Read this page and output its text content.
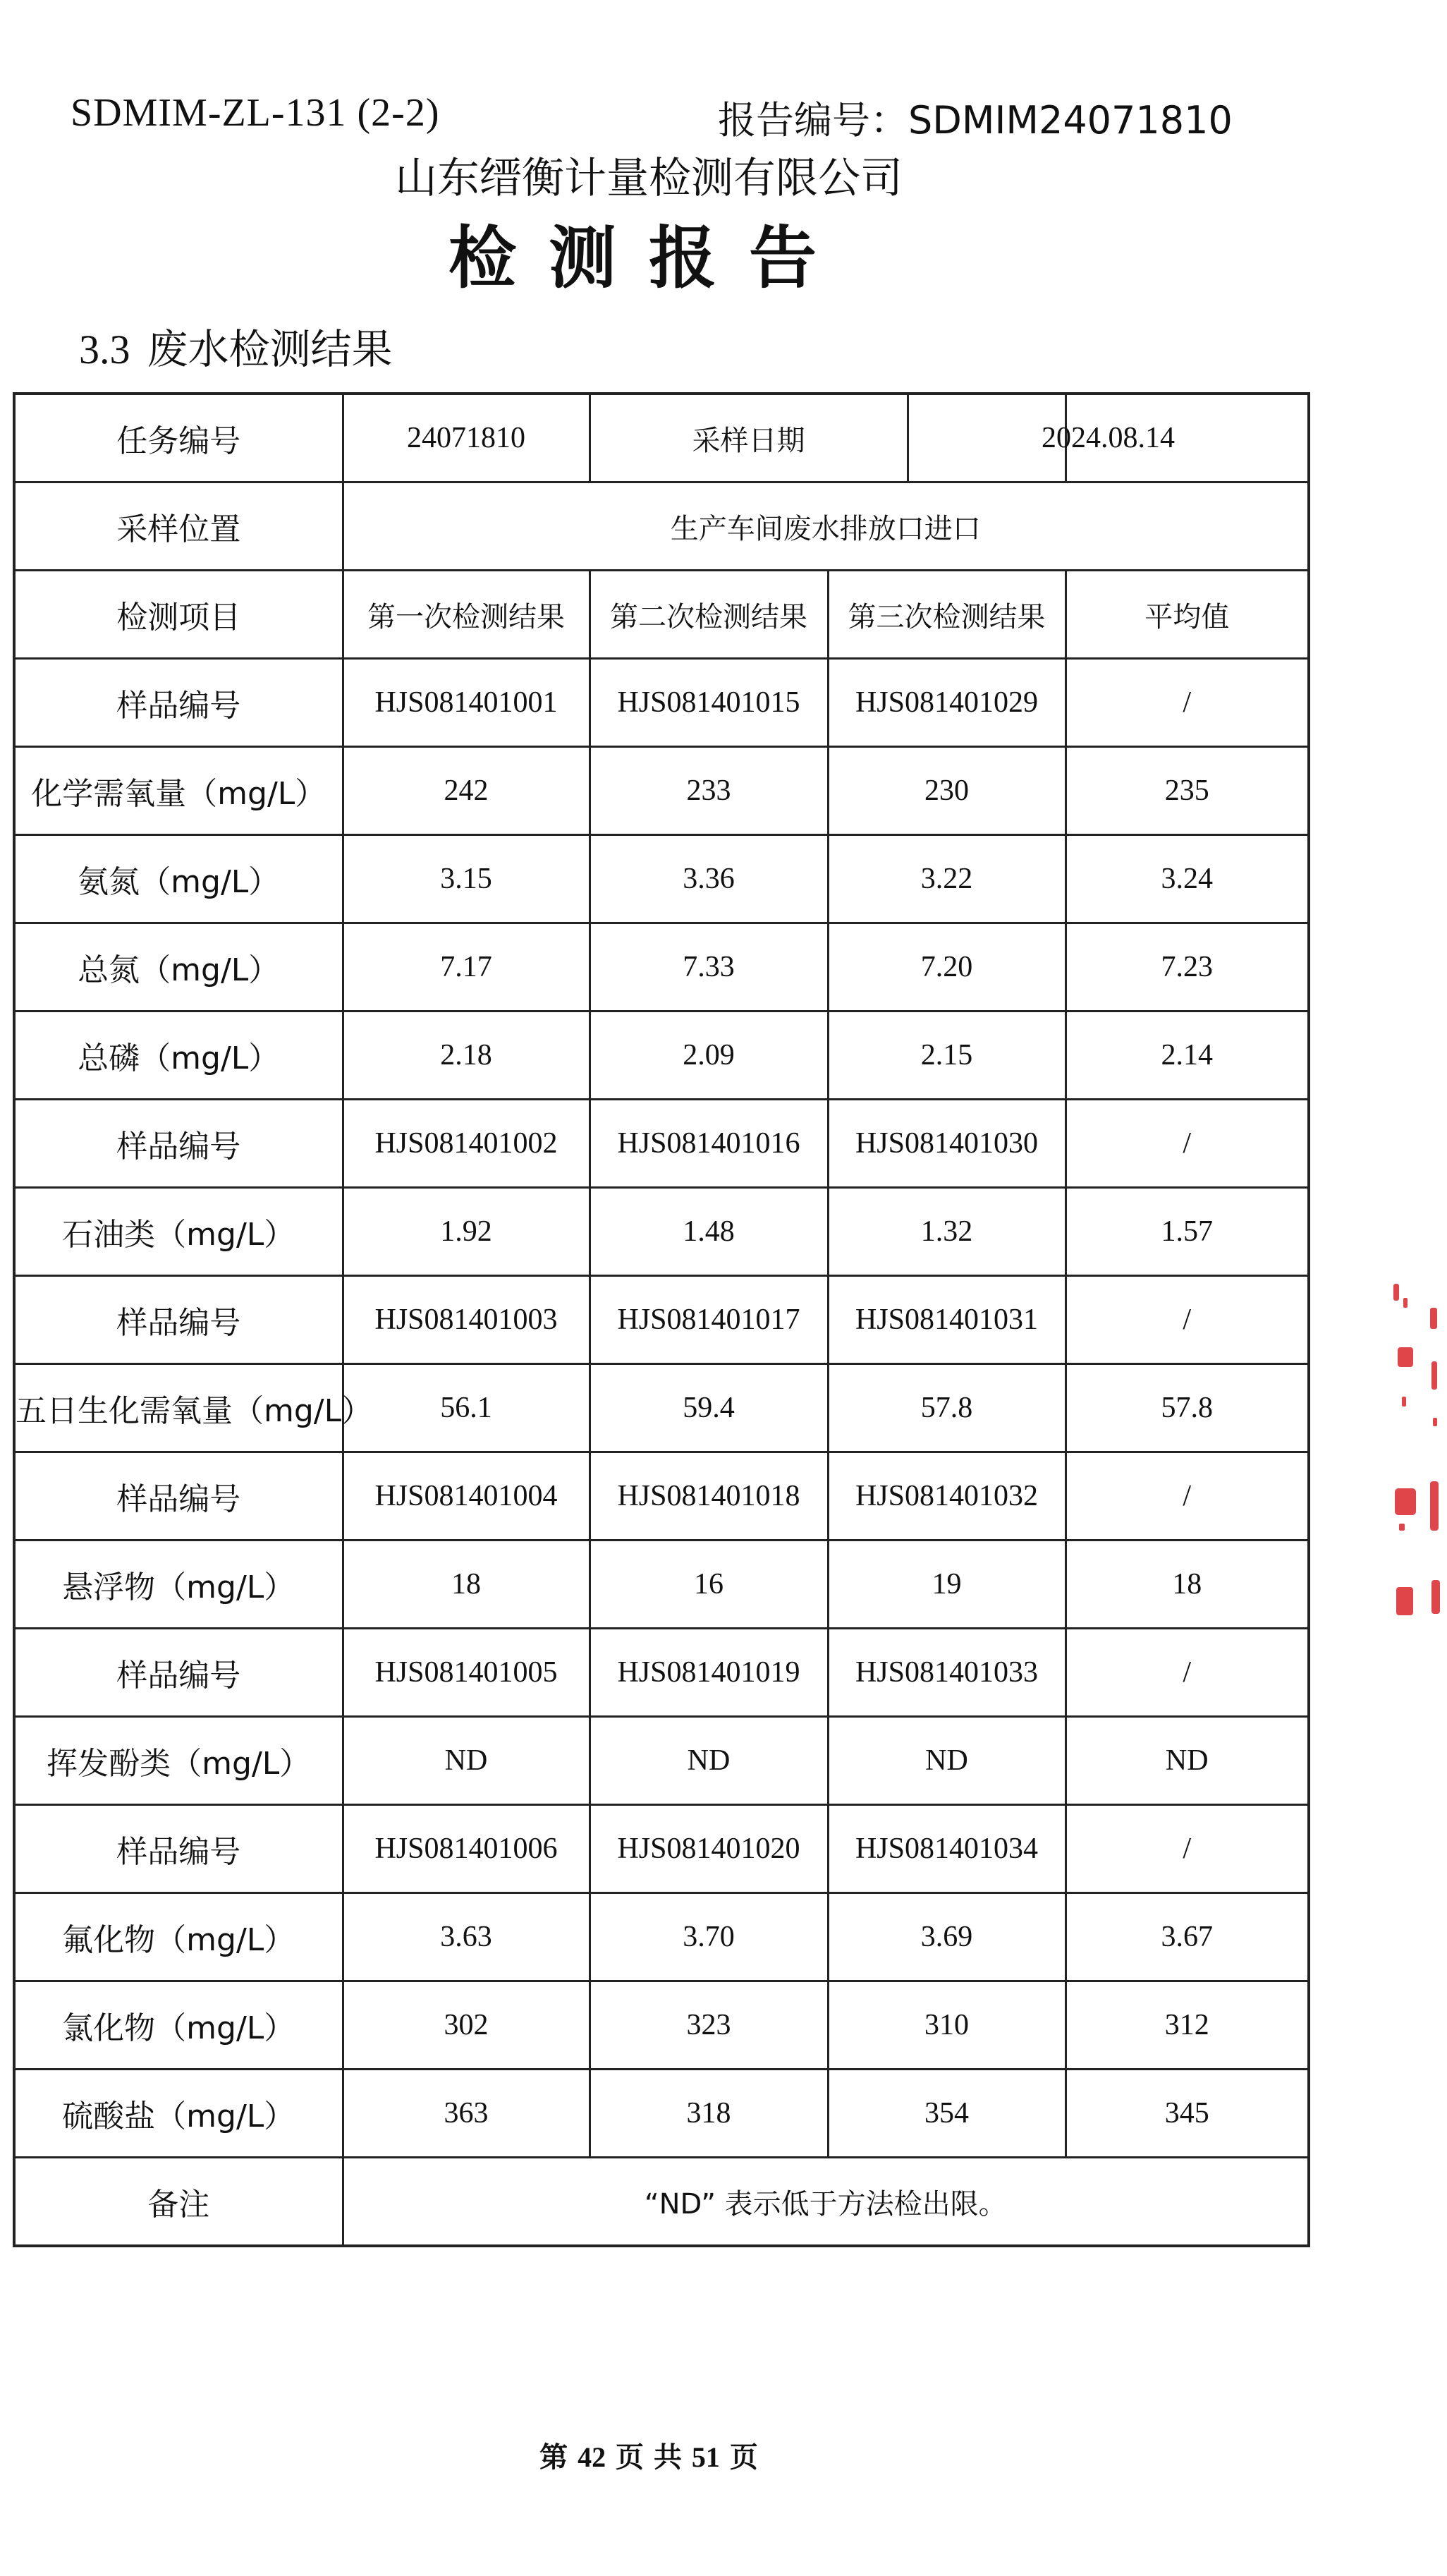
SDMIM-ZL-131 (2-2)	报告编号：SDMIM24071810
山东缙衡计量检测有限公司
检测报告
3.3 废水检测结果
任务编号	24071810	采样日期 2024.08.14		

采样位置	生产车间废水排放口进口			
检测项目	第一次检测结果	第二次检测结果	第三次检测结果	平均值
样品编号	HJS081401001	HJS081401015	HJS081401029	/
化学需氧量（mg/L）	242	233	230	235
氨氮（mg/L）	3.15	3.36	3.22	3.24
总氮（mg/L）	7.17	7.33	7.20	7.23
总磷（mg/L）	2.18	2.09	2.15	2.14
样品编号	HJS081401002	HJS081401016	HJS081401030	/
石油类（mg/L）	1.92	1.48	1.32	1.57
样品编号	HJS081401003	HJS081401017	HJS081401031	/
五日生化需氧量（mg/L）	56.1	59.4	57.8	57.8
样品编号	HJS081401004	HJS081401018	HJS081401032	/
悬浮物（mg/L）	18	16	19	18
样品编号	HJS081401005	HJS081401019	HJS081401033	/
挥发酚类（mg/L）	ND	ND	ND	ND
样品编号	HJS081401006	HJS081401020	HJS081401034	/
氟化物（mg/L）	3.63	3.70	3.69	3.67
氯化物（mg/L）	302	323	310	312
硫酸盐（mg/L）	363	318	354	345
备注	“ND” 表示低于方法检出限。			
第 42 页 共 51 页
